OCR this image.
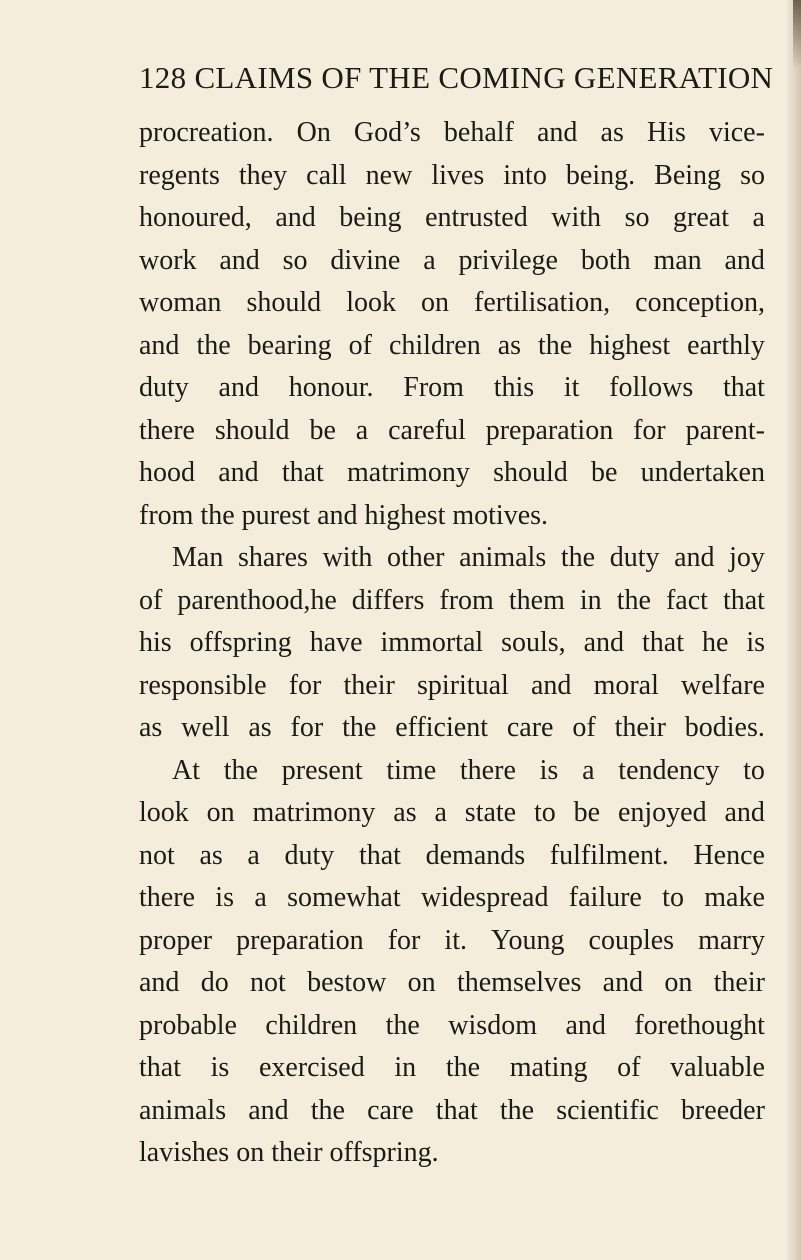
128 CLAIMS OF THE COMING GENERATION
procreation. On God’s behalf and as His vice-
regents they call new lives into being. Being so
honoured, and being entrusted with so great a
work and so divine a privilege both man and
woman should look on fertilisation, conception,
and the bearing of children as the highest earthly
duty and honour. From this it follows that
there should be a careful preparation for parent-
hood and that matrimony should be undertaken
from the purest and highest motives.
Man shares with other animals the duty and joy
of parenthood,he differs from them in the fact that
his offspring have immortal souls, and that he is
responsible for their spiritual and moral welfare
as well as for the efficient care of their bodies.
At the present time there is a tendency to
look on matrimony as a state to be enjoyed and
not as a duty that demands fulfilment. Hence
there is a somewhat widespread failure to make
proper preparation for it. Young couples marry
and do not bestow on themselves and on their
probable children the wisdom and forethought
that is exercised in the mating of valuable
animals and the care that the scientific breeder
lavishes on their offspring.
